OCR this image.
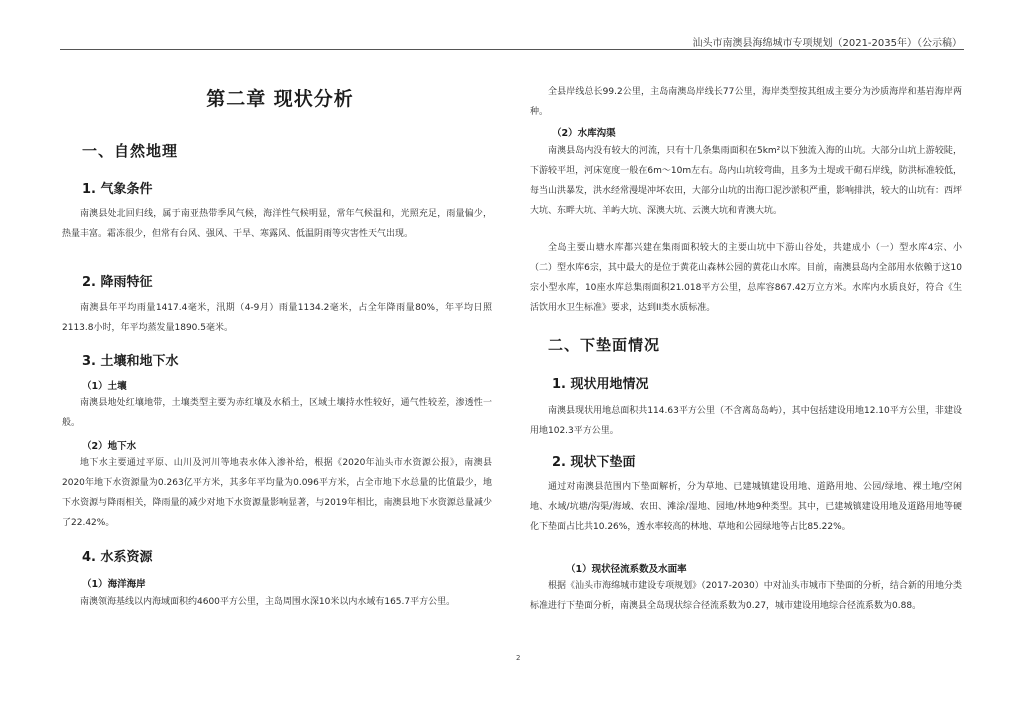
汕头市南澳县海绵城市专项规划（2021-2035年）（公示稿）
第二章 现状分析
一、自然地理
1. 气象条件

南澳县处北回归线，属于南亚热带季风气候，海洋性气候明显，常年气候温和，光照充足，雨量偏少，热量丰富。霜冻很少，但常有台风、强风、干旱、寒露风、低温阴雨等灾害性天气出现。

2. 降雨特征

南澳县年平均雨量1417.4毫米，汛期（4-9月）雨量1134.2毫米，占全年降雨量80%，年平均日照2113.8小时，年平均蒸发量1890.5毫米。

3. 土壤和地下水
（1）土壤

南澳县地处红壤地带，土壤类型主要为赤红壤及水稻土，区域土壤持水性较好，通气性较差，渗透性一般。

（2）地下水

地下水主要通过平原、山川及河川等地表水体入渗补给，根据《2020年汕头市水资源公报》，南澳县2020年地下水资源量为0.263亿平方米，其多年平均量为0.096平方米，占全市地下水总量的比值最少，地下水资源与降雨相关，降雨量的减少对地下水资源量影响显著，与2019年相比，南澳县地下水资源总量减少了22.42%。

4. 水系资源
（1）海洋海岸

南澳领海基线以内海域面积约4600平方公里，主岛周围水深10米以内水域有165.7平方公里。

全县岸线总长99.2公里，主岛南澳岛岸线长77公里，海岸类型按其组成主要分为沙质海岸和基岩海岸两种。

（2）水库沟渠

南澳县岛内没有较大的河流，只有十几条集雨面积在5km²以下独流入海的山坑。大部分山坑上游较陡，下游较平坦，河床宽度一般在6m～10m左右。岛内山坑较弯曲，且多为土堤或干砌石岸线，防洪标准较低，每当山洪暴发，洪水经常漫堤冲坏农田，大部分山坑的出海口泥沙淤积严重，影响排洪，较大的山坑有：西坪大坑、东畔大坑、羊屿大坑、深澳大坑、云澳大坑和青澳大坑。

全岛主要山塘水库都兴建在集雨面积较大的主要山坑中下游山谷处，共建成小（一）型水库4宗、小（二）型水库6宗，其中最大的是位于黄花山森林公园的黄花山水库。目前，南澳县岛内全部用水依赖于这10宗小型水库，10座水库总集雨面积21.018平方公里，总库容867.42万立方米。水库内水质良好，符合《生活饮用水卫生标准》要求，达到II类水质标准。

二、下垫面情况
1. 现状用地情况

南澳县现状用地总面积共114.63平方公里（不含离岛岛屿），其中包括建设用地12.10平方公里，非建设用地102.3平方公里。

2. 现状下垫面

通过对南澳县范围内下垫面解析，分为草地、已建城镇建设用地、道路用地、公园/绿地、裸土地/空闲地、水域/坑塘/沟渠/海域、农田、滩涂/湿地、园地/林地9种类型。其中，已建城镇建设用地及道路用地等硬化下垫面占比共10.26%，透水率较高的林地、草地和公园绿地等占比85.22%。

（1）现状径流系数及水面率

根据《汕头市海绵城市建设专项规划》（2017-2030）中对汕头市城市下垫面的分析，结合新的用地分类标准进行下垫面分析，南澳县全岛现状综合径流系数为0.27，城市建设用地综合径流系数为0.88。

2
